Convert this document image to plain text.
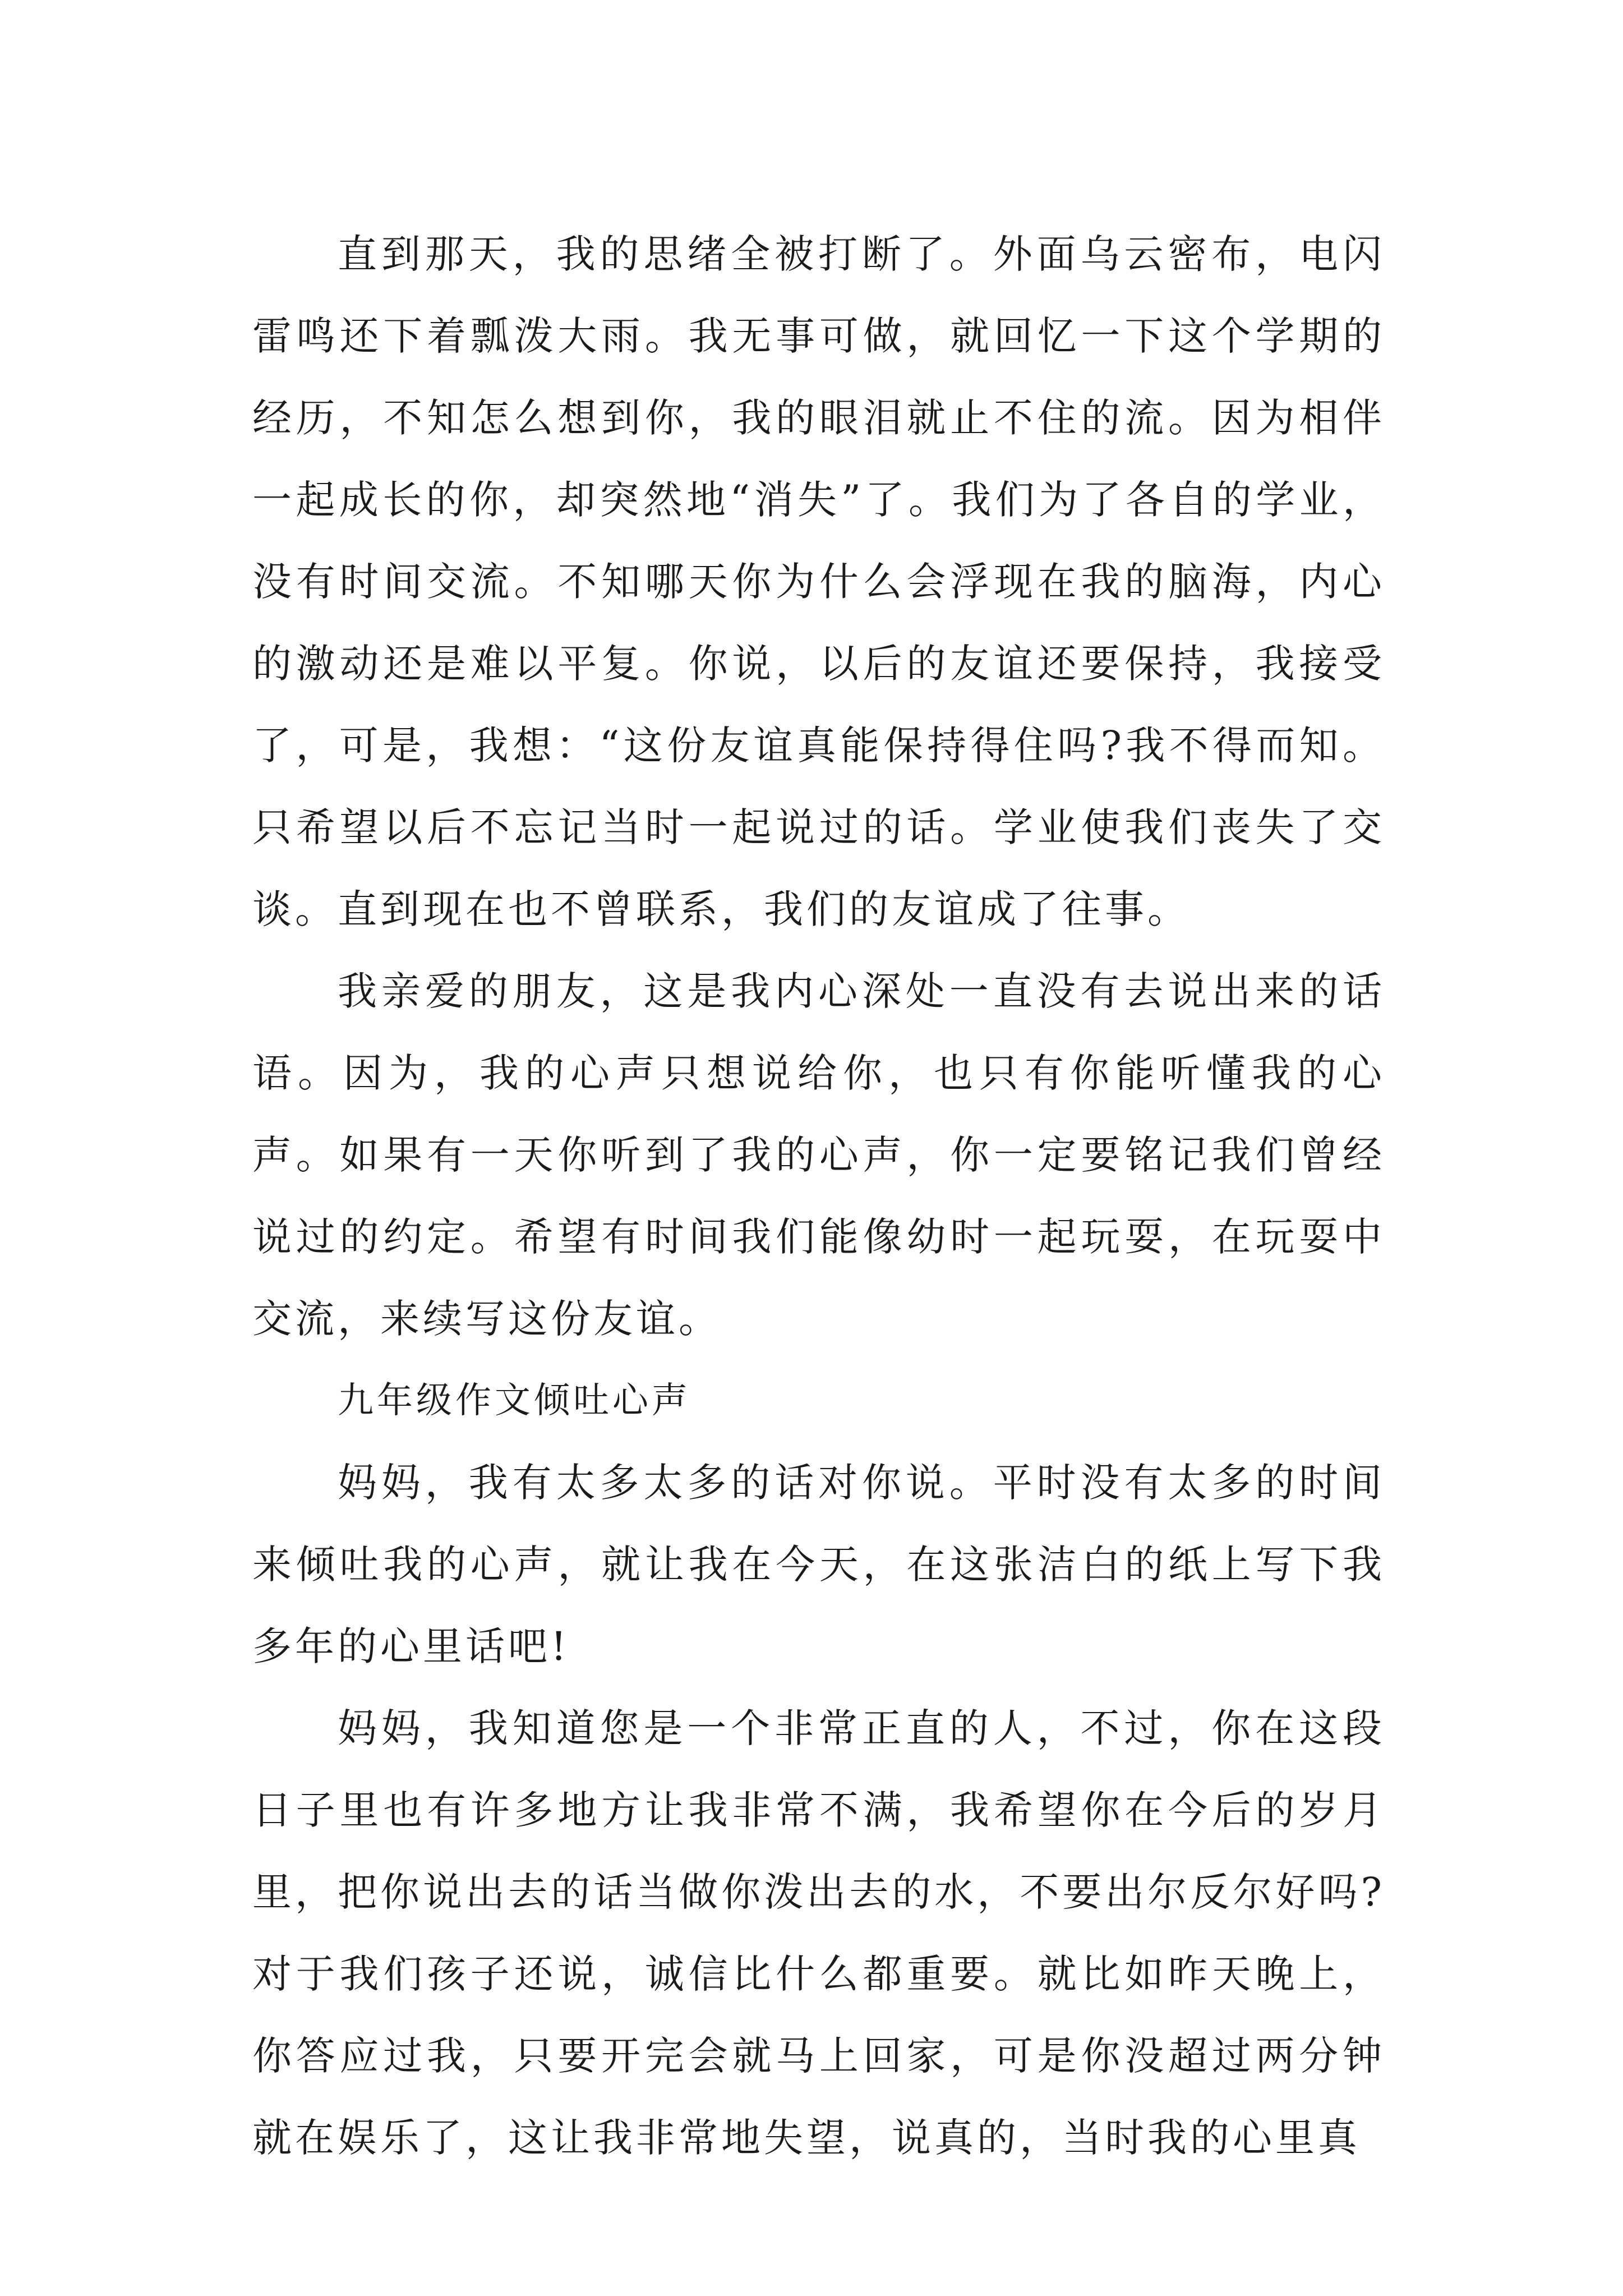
直到那天，我的思绪全被打断了。外面乌云密布，电闪雷鸣还下着瓢泼大雨。我无事可做，就回忆一下这个学期的经历，不知怎么想到你，我的眼泪就止不住的流。因为相伴一起成长的你，却突然地“消失”了。我们为了各自的学业，没有时间交流。不知哪天你为什么会浮现在我的脑海，内心的激动还是难以平复。你说，以后的友谊还要保持，我接受了，可是，我想：“这份友谊真能保持得住吗?我不得而知。只希望以后不忘记当时一起说过的话。学业使我们丧失了交谈。直到现在也不曾联系，我们的友谊成了往事。

我亲爱的朋友，这是我内心深处一直没有去说出来的话语。因为，我的心声只想说给你，也只有你能听懂我的心声。如果有一天你听到了我的心声，你一定要铭记我们曾经说过的约定。希望有时间我们能像幼时一起玩耍，在玩耍中交流，来续写这份友谊。

九年级作文倾吐心声

妈妈，我有太多太多的话对你说。平时没有太多的时间来倾吐我的心声，就让我在今天，在这张洁白的纸上写下我多年的心里话吧!

妈妈，我知道您是一个非常正直的人，不过，你在这段日子里也有许多地方让我非常不满，我希望你在今后的岁月里，把你说出去的话当做你泼出去的水，不要出尔反尔好吗?对于我们孩子还说，诚信比什么都重要。就比如昨天晚上，你答应过我，只要开完会就马上回家，可是你没超过两分钟就在娱乐了，这让我非常地失望，说真的，当时我的心里真
